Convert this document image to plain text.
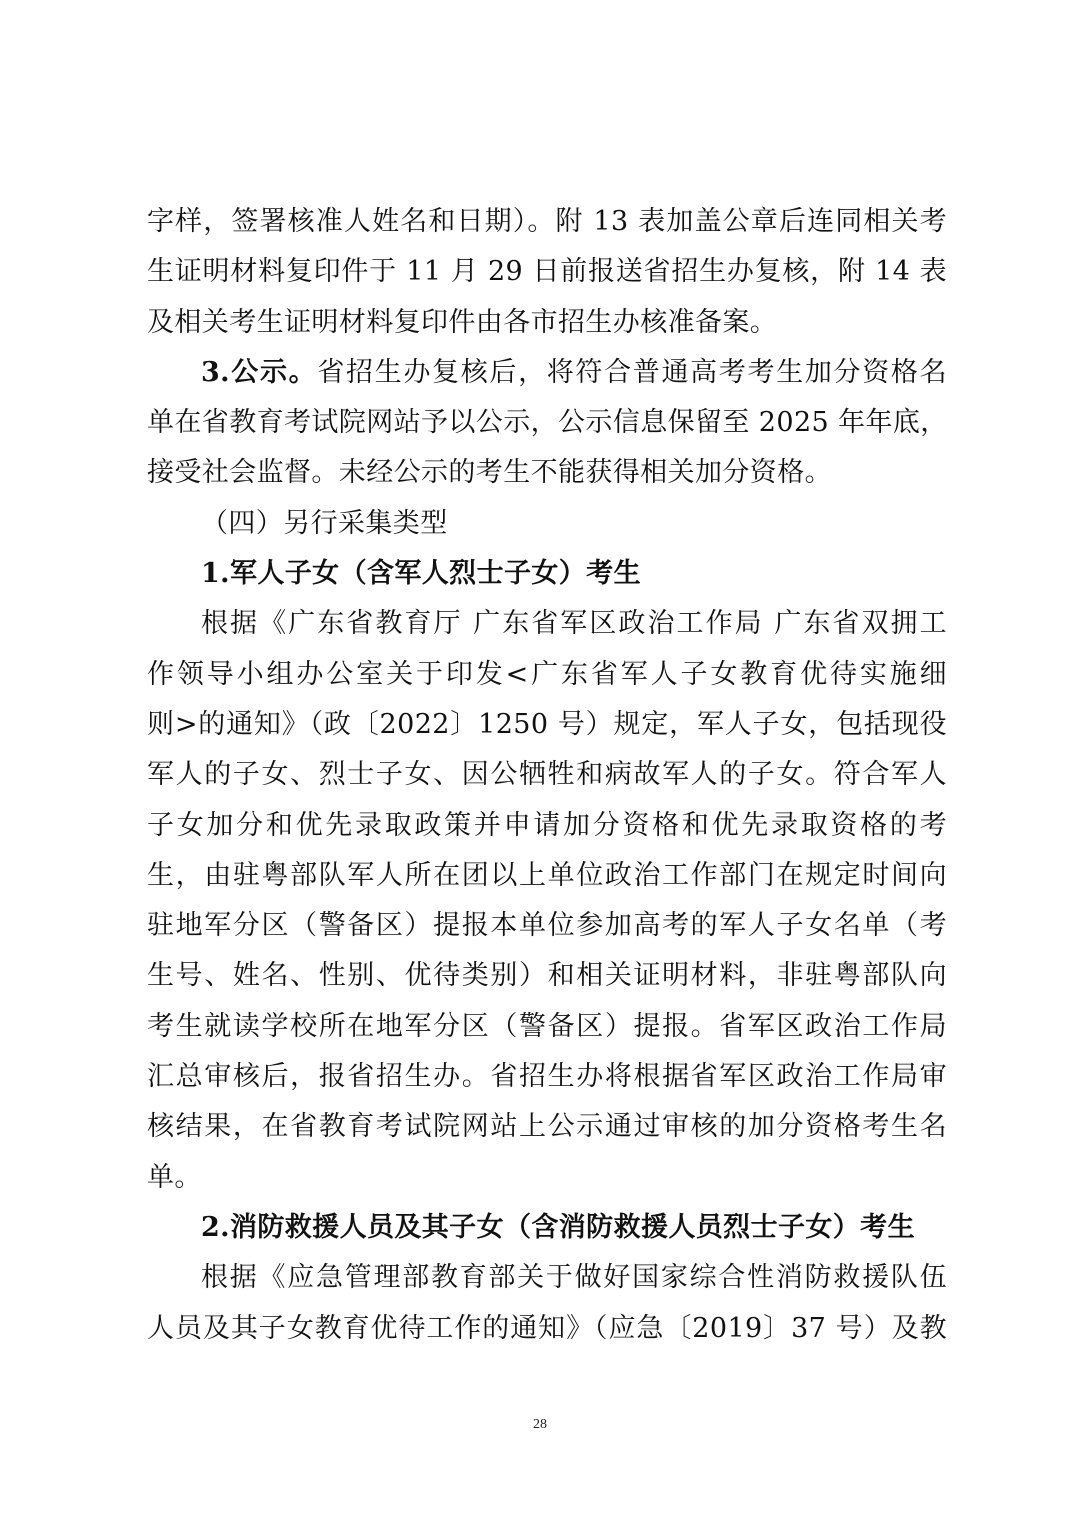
字样，签署核准人姓名和日期）。附 13 表加盖公章后连同相关考
生证明材料复印件于 11 月 29 日前报送省招生办复核，附 14 表
及相关考生证明材料复印件由各市招生办核准备案。
3.公示。省招生办复核后，将符合普通高考考生加分资格名
单在省教育考试院网站予以公示，公示信息保留至 2025 年年底，
接受社会监督。未经公示的考生不能获得相关加分资格。
（四）另行采集类型
1.军人子女（含军人烈士子女）考生
根据《广东省教育厅 广东省军区政治工作局 广东省双拥工
作领导小组办公室关于印发<广东省军人子女教育优待实施细
则>的通知》（政〔2022〕1250 号）规定，军人子女，包括现役
军人的子女、烈士子女、因公牺牲和病故军人的子女。符合军人
子女加分和优先录取政策并申请加分资格和优先录取资格的考
生，由驻粤部队军人所在团以上单位政治工作部门在规定时间向
驻地军分区（警备区）提报本单位参加高考的军人子女名单（考
生号、姓名、性别、优待类别）和相关证明材料，非驻粤部队向
考生就读学校所在地军分区（警备区）提报。省军区政治工作局
汇总审核后，报省招生办。省招生办将根据省军区政治工作局审
核结果，在省教育考试院网站上公示通过审核的加分资格考生名
单。
2.消防救援人员及其子女（含消防救援人员烈士子女）考生
根据《应急管理部教育部关于做好国家综合性消防救援队伍
人员及其子女教育优待工作的通知》（应急〔2019〕37 号）及教
28
